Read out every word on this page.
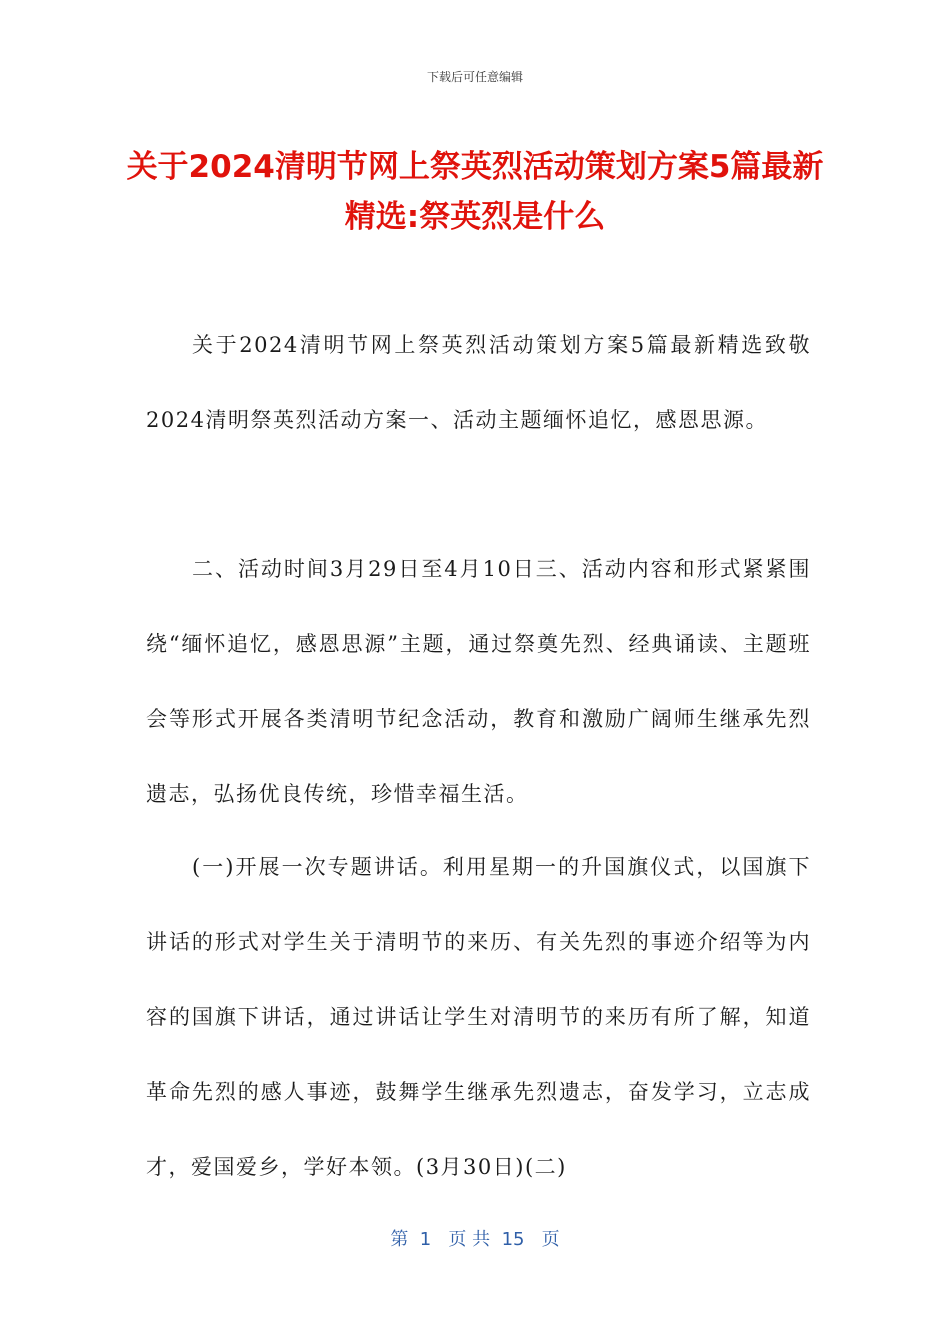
下载后可任意编辑
关于2024清明节网上祭英烈活动策划方案5篇最新精选:祭英烈是什么

关于2024清明节网上祭英烈活动策划方案5篇最新精选致敬2024清明祭英烈活动方案一、活动主题缅怀追忆，感恩思源。

二、活动时间3月29日至4月10日三、活动内容和形式紧紧围绕“缅怀追忆，感恩思源”主题，通过祭奠先烈、经典诵读、主题班会等形式开展各类清明节纪念活动，教育和激励广阔师生继承先烈遗志，弘扬优良传统，珍惜幸福生活。

(一)开展一次专题讲话。利用星期一的升国旗仪式，以国旗下讲话的形式对学生关于清明节的来历、有关先烈的事迹介绍等为内容的国旗下讲话，通过讲话让学生对清明节的来历有所了解，知道革命先烈的感人事迹，鼓舞学生继承先烈遗志，奋发学习，立志成才，爱国爱乡，学好本领。(3月30日)(二)

第  1   页 共  15   页
